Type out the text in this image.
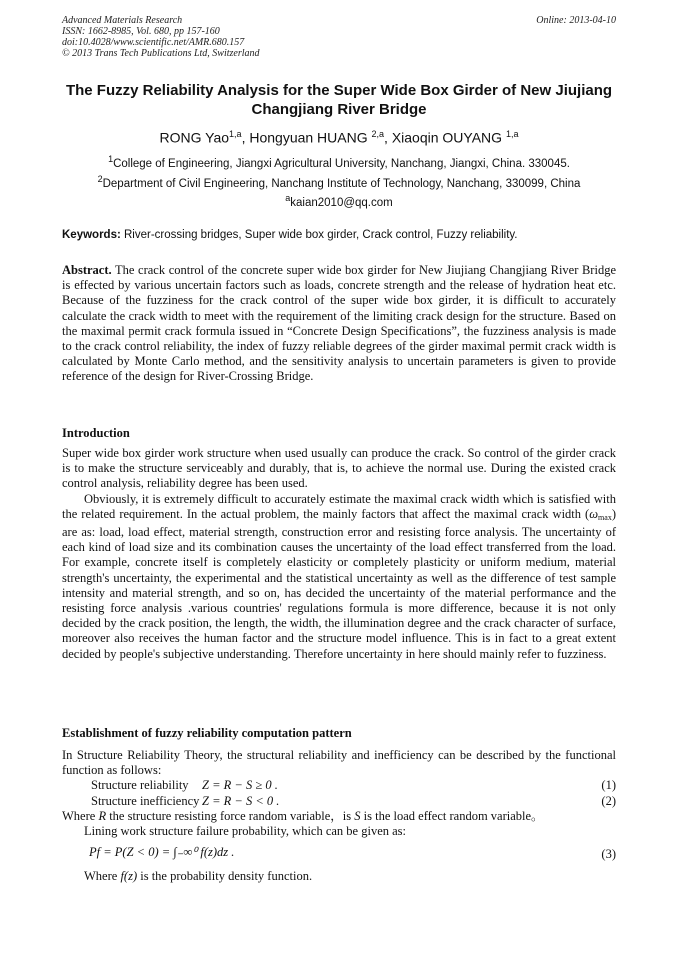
Advanced Materials Research
ISSN: 1662-8985, Vol. 680, pp 157-160
doi:10.4028/www.scientific.net/AMR.680.157
© 2013 Trans Tech Publications Ltd, Switzerland
Online: 2013-04-10
The Fuzzy Reliability Analysis for the Super Wide Box Girder of New Jiujiang Changjiang River Bridge
RONG Yao$^{1,a}$, Hongyuan HUANG $^{2,a}$, Xiaoqin OUYANG $^{1,a}$
$^1$College of Engineering, Jiangxi Agricultural University, Nanchang, Jiangxi, China. 330045.
$^2$Department of Civil Engineering, Nanchang Institute of Technology, Nanchang, 330099, China
$^a$kaian2010@qq.com
Keywords: River-crossing bridges, Super wide box girder, Crack control, Fuzzy reliability.
Abstract. The crack control of the concrete super wide box girder for New Jiujiang Changjiang River Bridge is effected by various uncertain factors such as loads, concrete strength and the release of hydration heat etc. Because of the fuzziness for the crack control of the super wide box girder, it is difficult to accurately calculate the crack width to meet with the requirement of the limiting crack design for the structure. Based on the maximal permit crack formula issued in “Concrete Design Specifications”, the fuzziness analysis is made to the crack control reliability, the index of fuzzy reliable degrees of the girder maximal permit crack width is calculated by Monte Carlo method, and the sensitivity analysis to uncertain parameters is given to provide reference of the design for River-Crossing Bridge.
Introduction

Super wide box girder work structure when used usually can produce the crack. So control of the girder crack is to make the structure serviceably and durably, that is, to achieve the normal use. During the existed crack control analysis, reliability degree has been used.

Obviously, it is extremely difficult to accurately estimate the maximal crack width which is satisfied with the related requirement. In the actual problem, the mainly factors that affect the maximal crack width $(\omega_{max})$ are as: load, load effect, material strength, construction error and resisting force analysis. The uncertainty of each kind of load size and its combination causes the uncertainty of the load effect transferred from the load. For example, concrete itself is completely elasticity or completely plasticity or uniform medium, material strength's uncertainty, the experimental and the statistical uncertainty as well as the difference of test sample intensity and material strength, and so on, has decided the uncertainty of the material performance and the resisting force analysis .various countries' regulations formula is more difference, because it is not only decided by the crack position, the length, the width, the illumination degree and the crack character of surface, moreover also receives the human factor and the structure model influence. This is in fact to a great extent decided by people's subjective understanding. Therefore uncertainty in here should mainly refer to fuzziness.

Establishment of fuzzy reliability computation pattern

In Structure Reliability Theory, the structural reliability and inefficiency can be described by the functional function as follows:

Structure reliability Z = R − S ≥ 0 .	(1)
Structure inefficiency Z = R − S < 0 .	(2)

Where R the structure resisting force random variable，is S is the load effect random variable。

Lining work structure failure probability, which can be given as:

Pf = P(Z < 0) = ∫₋∞⁰ f(z)dz .	(3)

Where f(z) is the probability density function.
